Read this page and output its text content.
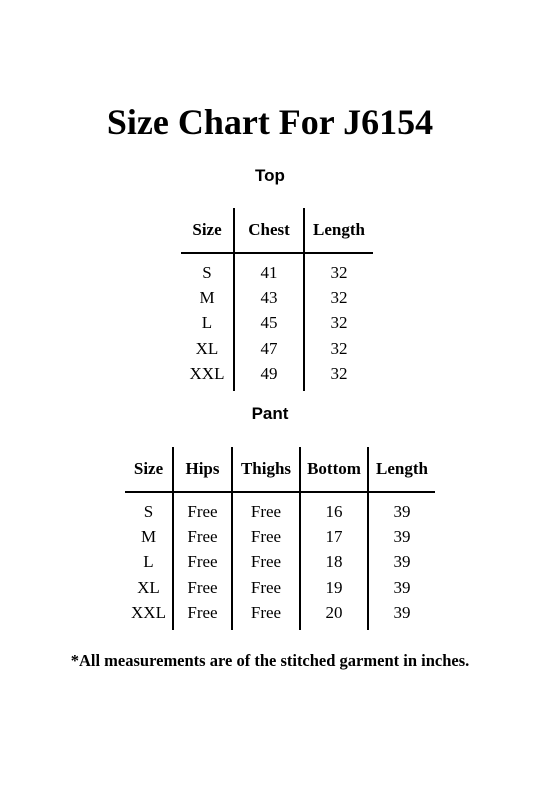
Size Chart For J6154
Top
Size	Chest	Length
S	41	32
M	43	32
L	45	32
XL	47	32
XXL	49	32
Pant
Size	Hips	Thighs	Bottom	Length
S	Free	Free	16	39
M	Free	Free	17	39
L	Free	Free	18	39
XL	Free	Free	19	39
XXL	Free	Free	20	39
*All measurements are of the stitched garment in inches.
